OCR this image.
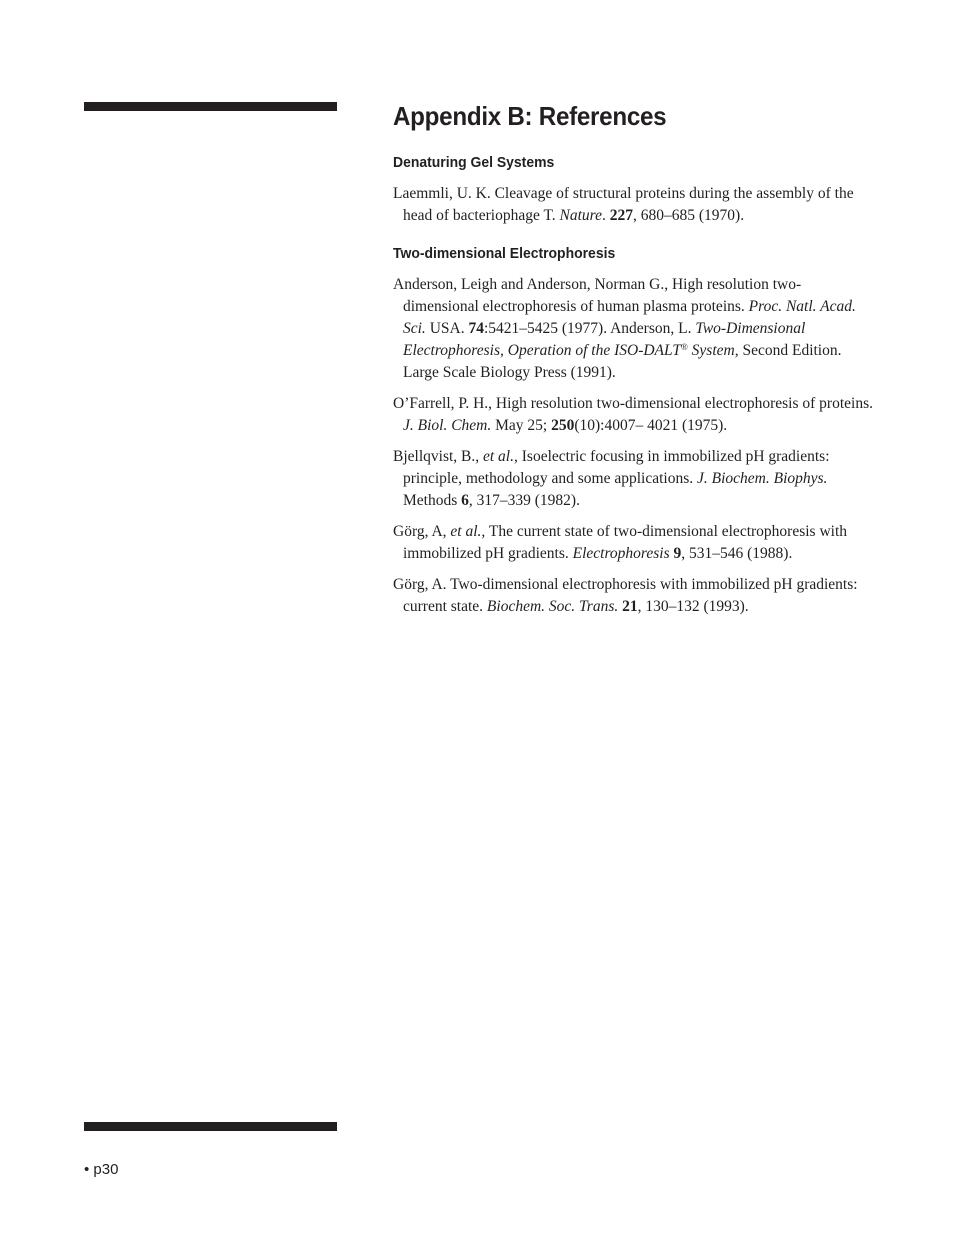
Appendix B: References
Denaturing Gel Systems
Laemmli, U. K. Cleavage of structural proteins during the assembly of the head of bacteriophage T. Nature. 227, 680–685 (1970).
Two-dimensional Electrophoresis
Anderson, Leigh and Anderson, Norman G., High resolution two-dimensional electrophoresis of human plasma proteins. Proc. Natl. Acad. Sci. USA. 74:5421–5425 (1977). Anderson, L. Two-Dimensional Electrophoresis, Operation of the ISO-DALT® System, Second Edition. Large Scale Biology Press (1991).
O’Farrell, P. H., High resolution two-dimensional electrophoresis of proteins. J. Biol. Chem. May 25; 250(10):4007– 4021 (1975).
Bjellqvist, B., et al., Isoelectric focusing in immobilized pH gradients: principle, methodology and some applications. J. Biochem. Biophys. Methods 6, 317–339 (1982).
Görg, A, et al., The current state of two-dimensional electrophoresis with immobilized pH gradients. Electrophoresis 9, 531–546 (1988).
Görg, A. Two-dimensional electrophoresis with immobilized pH gradients: current state. Biochem. Soc. Trans. 21, 130–132 (1993).
• p30
